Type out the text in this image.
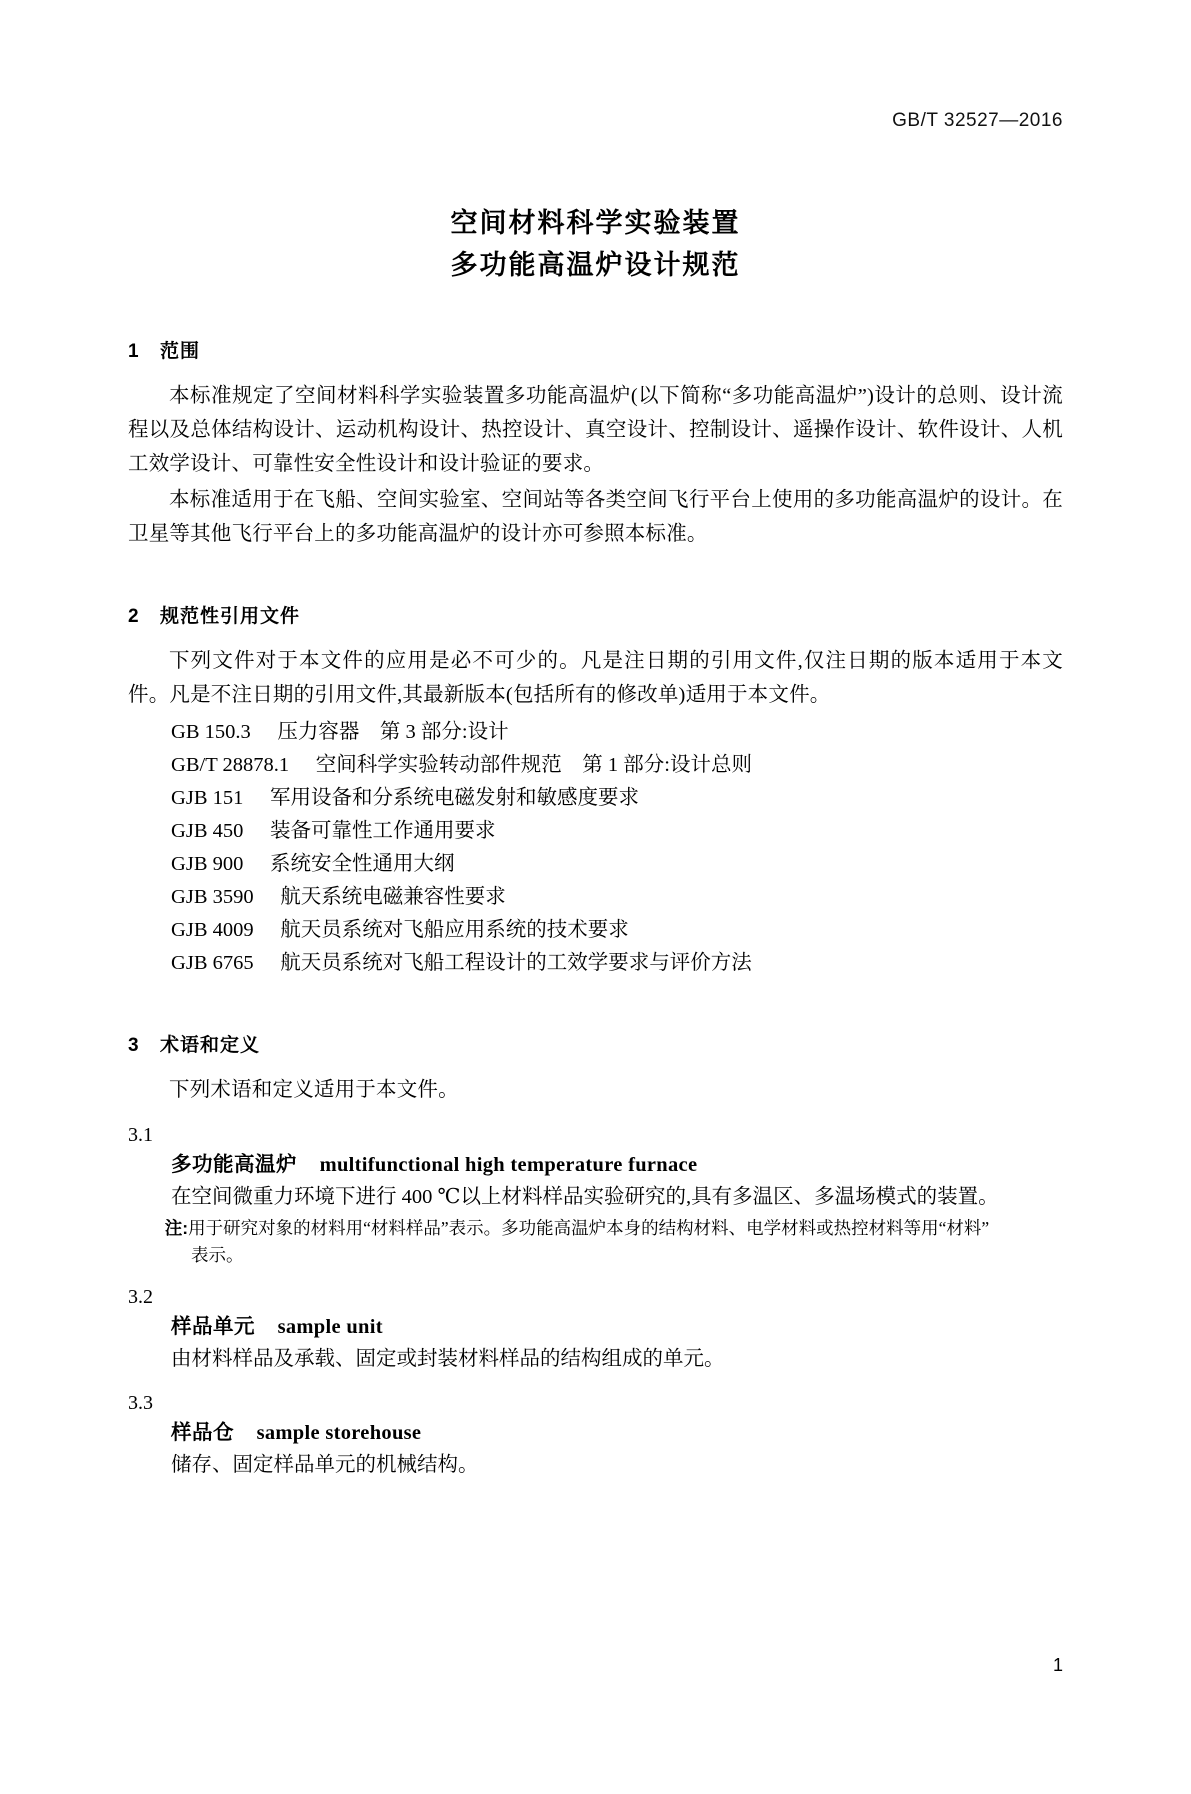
GB/T 32527—2016
空间材料科学实验装置
多功能高温炉设计规范
1 范围
本标准规定了空间材料科学实验装置多功能高温炉(以下简称“多功能高温炉”)设计的总则、设计流程以及总体结构设计、运动机构设计、热控设计、真空设计、控制设计、遥操作设计、软件设计、人机工效学设计、可靠性安全性设计和设计验证的要求。
本标准适用于在飞船、空间实验室、空间站等各类空间飞行平台上使用的多功能高温炉的设计。在卫星等其他飞行平台上的多功能高温炉的设计亦可参照本标准。
2 规范性引用文件
下列文件对于本文件的应用是必不可少的。凡是注日期的引用文件,仅注日期的版本适用于本文件。凡是不注日期的引用文件,其最新版本(包括所有的修改单)适用于本文件。
GB 150.3 压力容器　第 3 部分:设计
GB/T 28878.1 空间科学实验转动部件规范　第 1 部分:设计总则
GJB 151 军用设备和分系统电磁发射和敏感度要求
GJB 450 装备可靠性工作通用要求
GJB 900 系统安全性通用大纲
GJB 3590 航天系统电磁兼容性要求
GJB 4009 航天员系统对飞船应用系统的技术要求
GJB 6765 航天员系统对飞船工程设计的工效学要求与评价方法
3 术语和定义
下列术语和定义适用于本文件。
3.1
多功能高温炉 multifunctional high temperature furnace
在空间微重力环境下进行 400 ℃以上材料样品实验研究的,具有多温区、多温场模式的装置。
注:用于研究对象的材料用“材料样品”表示。多功能高温炉本身的结构材料、电学材料或热控材料等用“材料”
表示。
3.2
样品单元 sample unit
由材料样品及承载、固定或封装材料样品的结构组成的单元。
3.3
样品仓 sample storehouse
储存、固定样品单元的机械结构。
1
